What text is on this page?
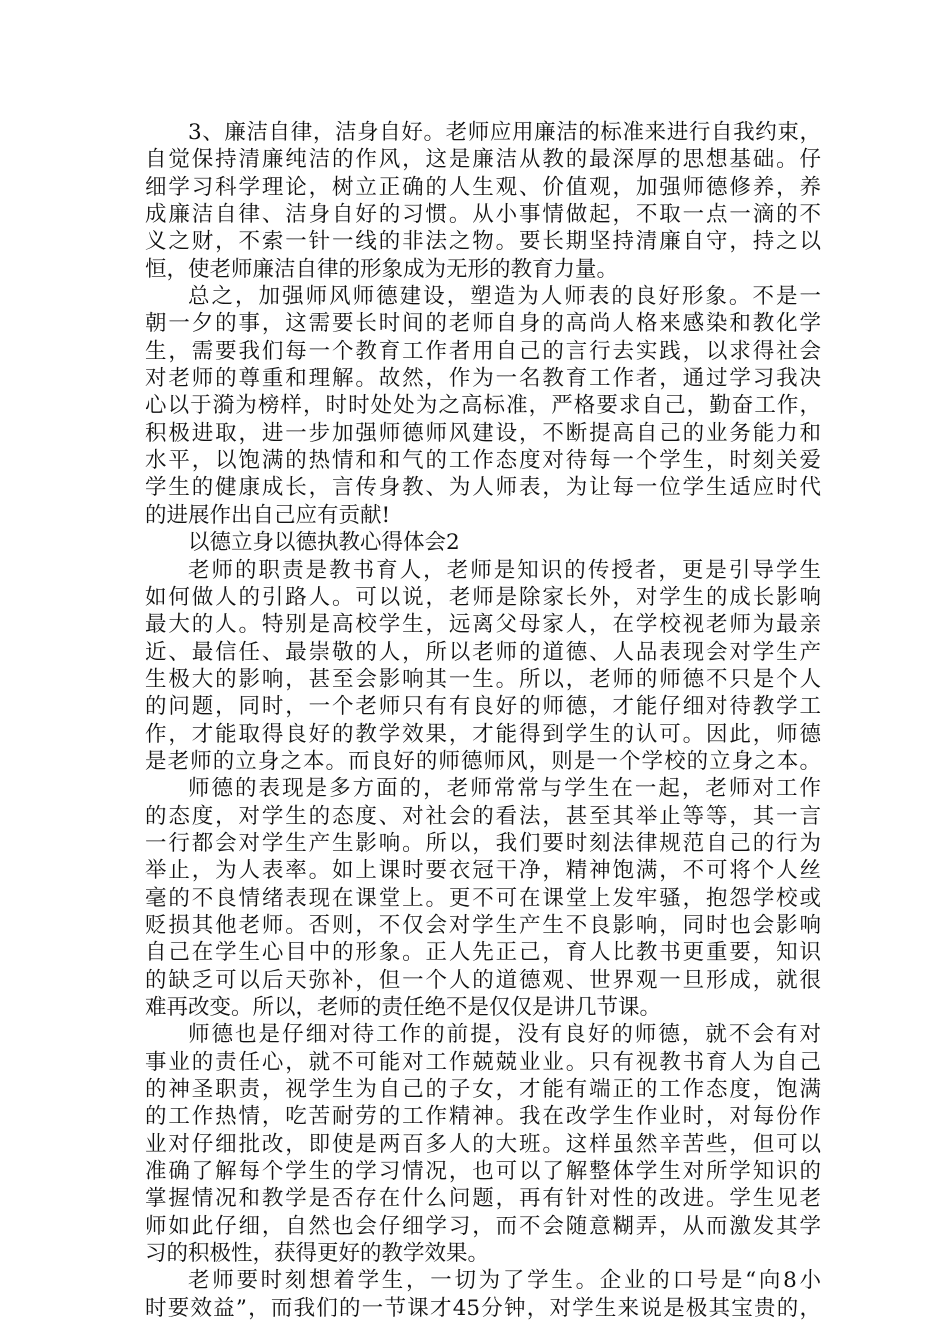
3、廉洁自律，洁身自好。老师应用廉洁的标准来进行自我约束，
自觉保持清廉纯洁的作风，这是廉洁从教的最深厚的思想基础。仔
细学习科学理论，树立正确的人生观、价值观，加强师德修养，养
成廉洁自律、洁身自好的习惯。从小事情做起，不取一点一滴的不
义之财，不索一针一线的非法之物。要长期坚持清廉自守，持之以
恒，使老师廉洁自律的形象成为无形的教育力量。
总之，加强师风师德建设，塑造为人师表的良好形象。不是一
朝一夕的事，这需要长时间的老师自身的高尚人格来感染和教化学
生，需要我们每一个教育工作者用自己的言行去实践，以求得社会
对老师的尊重和理解。故然，作为一名教育工作者，通过学习我决
心以于漪为榜样，时时处处为之高标准，严格要求自己，勤奋工作，
积极进取，进一步加强师德师风建设，不断提高自己的业务能力和
水平，以饱满的热情和和气的工作态度对待每一个学生，时刻关爱
学生的健康成长，言传身教、为人师表，为让每一位学生适应时代
的进展作出自己应有贡献!
以德立身以德执教心得体会2
老师的职责是教书育人，老师是知识的传授者，更是引导学生
如何做人的引路人。可以说，老师是除家长外，对学生的成长影响
最大的人。特别是高校学生，远离父母家人，在学校视老师为最亲
近、最信任、最崇敬的人，所以老师的道德、人品表现会对学生产
生极大的影响，甚至会影响其一生。所以，老师的师德不只是个人
的问题，同时，一个老师只有有良好的师德，才能仔细对待教学工
作，才能取得良好的教学效果，才能得到学生的认可。因此，师德
是老师的立身之本。而良好的师德师风，则是一个学校的立身之本。
师德的表现是多方面的，老师常常与学生在一起，老师对工作
的态度，对学生的态度、对社会的看法，甚至其举止等等，其一言
一行都会对学生产生影响。所以，我们要时刻法律规范自己的行为
举止，为人表率。如上课时要衣冠干净，精神饱满，不可将个人丝
毫的不良情绪表现在课堂上。更不可在课堂上发牢骚，抱怨学校或
贬损其他老师。否则，不仅会对学生产生不良影响，同时也会影响
自己在学生心目中的形象。正人先正己，育人比教书更重要，知识
的缺乏可以后天弥补，但一个人的道德观、世界观一旦形成，就很
难再改变。所以，老师的责任绝不是仅仅是讲几节课。
师德也是仔细对待工作的前提，没有良好的师德，就不会有对
事业的责任心，就不可能对工作兢兢业业。只有视教书育人为自己
的神圣职责，视学生为自己的子女，才能有端正的工作态度，饱满
的工作热情，吃苦耐劳的工作精神。我在改学生作业时，对每份作
业对仔细批改，即使是两百多人的大班。这样虽然辛苦些，但可以
准确了解每个学生的学习情况，也可以了解整体学生对所学知识的
掌握情况和教学是否存在什么问题，再有针对性的改进。学生见老
师如此仔细，自然也会仔细学习，而不会随意糊弄，从而激发其学
习的积极性，获得更好的教学效果。
老师要时刻想着学生，一切为了学生。企业的口号是“向8小
时要效益”，而我们的一节课才45分钟，对学生来说是极其宝贵的，
